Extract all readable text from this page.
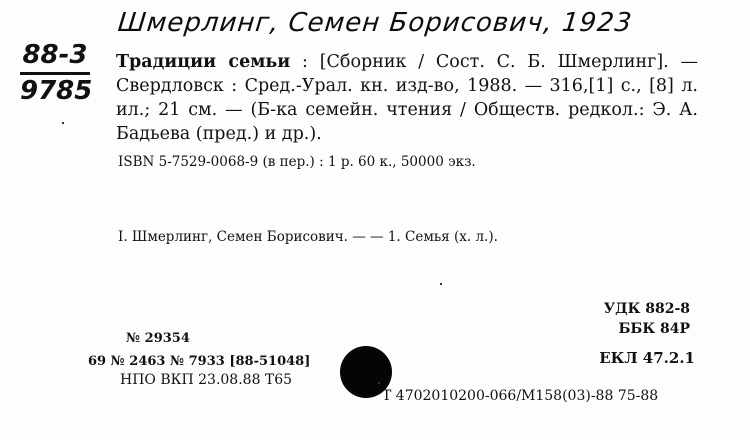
Шмерлинг, Семен Борисович, 1923
88-3
9785
Традиции семьи : [Сборник / Сост. С. Б. Шмерлинг]. — Свердловск : Сред.-Урал. кн. изд-во, 1988. — 316,[1] с., [8] л. ил.; 21 см. — (Б-ка семейн. чтения / Обществ. редкол.: Э. А. Бадьева (пред.) и др.).
ISBN 5-7529-0068-9 (в пер.) : 1 р. 60 к., 50000 экз.
I. Шмерлинг, Семен Борисович. — — 1. Семья (х. л.).
УДК 882-8
ББК 84Р
№ 29354
69 № 2463 № 7933 [88-51048]
НПО ВКП 23.08.88 Т65
ЕКЛ 47.2.1
Т 4702010200-066/М158(03)-88 75-88
